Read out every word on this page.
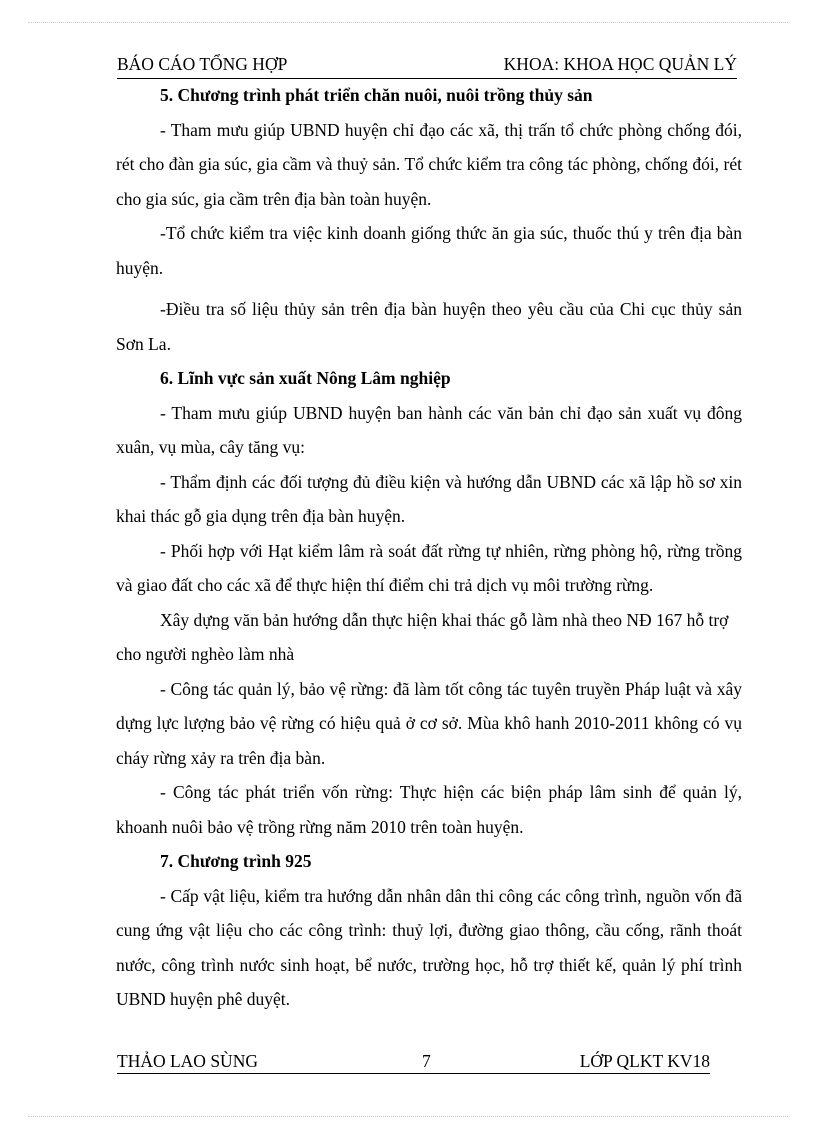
BÁO CÁO TỔNG HỢP	KHOA: KHOA HỌC QUẢN LÝ
5. Chương trình phát triển chăn nuôi, nuôi trồng thủy sản

- Tham mưu giúp UBND huyện chỉ đạo các xã, thị trấn tổ chức phòng chống đói, rét cho đàn gia súc, gia cầm và thuỷ sản. Tổ chức kiểm tra công tác phòng, chống đói, rét cho gia súc, gia cầm trên địa bàn toàn huyện.

-Tổ chức kiểm tra việc kinh doanh giống thức ăn gia súc, thuốc thú y trên địa bàn huyện.

-Điều tra số liệu thủy sản trên địa bàn huyện theo yêu cầu của Chi cục thủy sản Sơn La.

6. Lĩnh vực sản xuất Nông Lâm nghiệp

- Tham mưu giúp UBND huyện ban hành các văn bản chỉ đạo sản xuất vụ đông xuân, vụ mùa, cây tăng vụ:

- Thẩm định các đối tượng đủ điều kiện và hướng dẫn UBND các xã lập hồ sơ xin khai thác gỗ gia dụng trên địa bàn huyện.

- Phối hợp với Hạt kiểm lâm rà soát đất rừng tự nhiên, rừng phòng hộ, rừng trồng và giao đất cho các xã để thực hiện thí điểm chi trả dịch vụ môi trường rừng.

Xây dựng văn bản hướng dẫn thực hiện khai thác gỗ làm nhà theo NĐ 167 hỗ trợ cho người nghèo làm nhà

- Công tác quản lý, bảo vệ rừng: đã làm tốt công tác tuyên truyền Pháp luật và xây dựng lực lượng bảo vệ rừng có hiệu quả ở cơ sở. Mùa khô hanh 2010-2011 không có vụ cháy rừng xảy ra trên địa bàn.

- Công tác phát triển vốn rừng: Thực hiện các biện pháp lâm sinh để quản lý, khoanh nuôi bảo vệ trồng rừng năm 2010 trên toàn huyện.

7. Chương trình 925

- Cấp vật liệu, kiểm tra hướng dẫn nhân dân thi công các công trình, nguồn vốn đã cung ứng vật liệu cho các công trình: thuỷ lợi, đường giao thông, cầu cống, rãnh thoát nước, công trình nước sinh hoạt, bể nước, trường học, hỗ trợ thiết kế, quản lý phí trình UBND huyện phê duyệt.

THẢO LAO SÙNG	7	LỚP QLKT KV18
